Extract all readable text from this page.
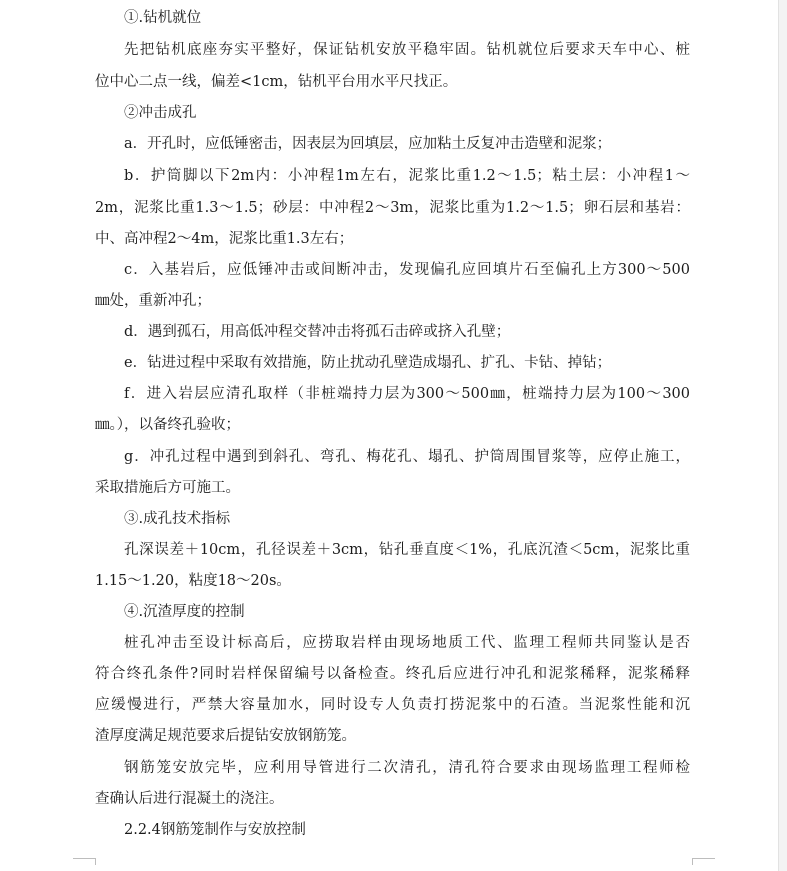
①.钻机就位
先把钻机底座夯实平整好，保证钻机安放平稳牢固。钻机就位后要求天车中心、桩
位中心二点一线，偏差<1cm，钻机平台用水平尺找正。
②冲击成孔
a．开孔时，应低锤密击，因表层为回填层，应加粘土反复冲击造壁和泥浆；
b．护筒脚以下2m内：小冲程1m左右，泥浆比重1.2～1.5；粘土层：小冲程1～
2m，泥浆比重1.3～1.5；砂层：中冲程2～3m，泥浆比重为1.2～1.5；卵石层和基岩：
中、高冲程2～4m，泥浆比重1.3左右；
c．入基岩后，应低锤冲击或间断冲击，发现偏孔应回填片石至偏孔上方300～500
㎜处，重新冲孔；
d．遇到孤石，用高低冲程交替冲击将孤石击碎或挤入孔壁；
e．钻进过程中采取有效措施，防止扰动孔壁造成塌孔、扩孔、卡钻、掉钻；
f．进入岩层应清孔取样（非桩端持力层为300～500㎜，桩端持力层为100～300
㎜。），以备终孔验收；
g．冲孔过程中遇到到斜孔、弯孔、梅花孔、塌孔、护筒周围冒浆等，应停止施工，
采取措施后方可施工。
③.成孔技术指标
孔深误差＋10cm，孔径误差＋3cm，钻孔垂直度＜1%，孔底沉渣＜5cm，泥浆比重
1.15～1.20，粘度18～20s。
④.沉渣厚度的控制
桩孔冲击至设计标高后，应捞取岩样由现场地质工代、监理工程师共同鉴认是否
符合终孔条件?同时岩样保留编号以备检查。终孔后应进行冲孔和泥浆稀释，泥浆稀释
应缓慢进行，严禁大容量加水，同时设专人负责打捞泥浆中的石渣。当泥浆性能和沉
渣厚度满足规范要求后提钻安放钢筋笼。
钢筋笼安放完毕，应利用导管进行二次清孔，清孔符合要求由现场监理工程师检
查确认后进行混凝土的浇注。
2.2.4钢筋笼制作与安放控制
